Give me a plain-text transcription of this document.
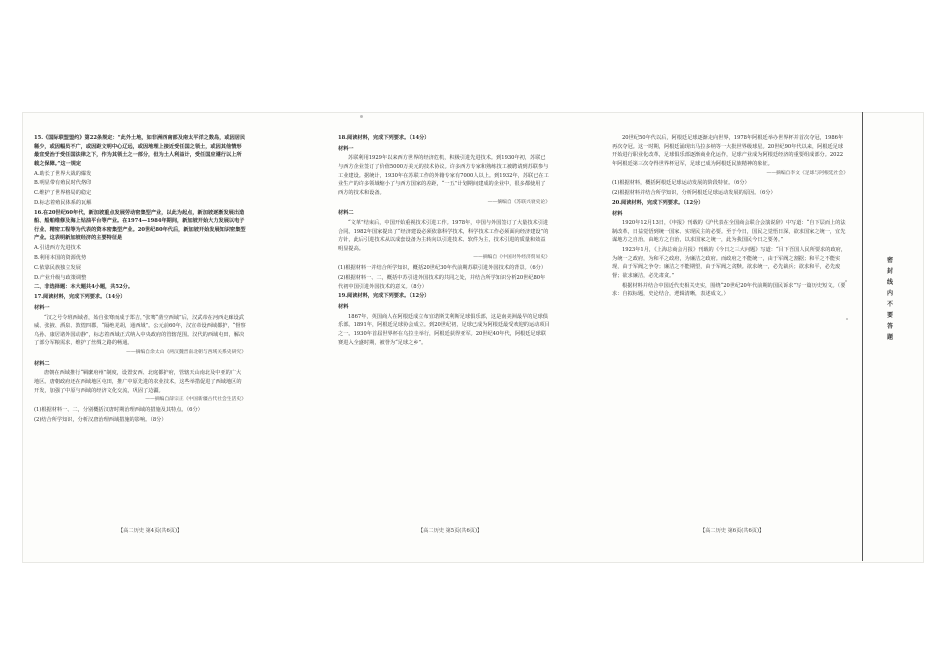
15.《国际联盟盟约》第22条规定：“此外土地，如非洲西南部及南太平洋之数岛，或因居民稀少，或因幅员不广，或因距文明中心辽远，或因地理上接近受任国之领土，或因其他情形最宜受治于受任国法律之下，作为其领土之一部分，但为土人利益计，受任国应遵行以上所载之保障。”这一规定

A.助长了世界大战的爆发

B.明显带有殖民时代烙印

C.维护了世界格局的稳定

D.标志着殖民体系的瓦解

16.在20世纪60年代，新加坡重点发展劳动密集型产业，以此为起点，新加坡逐渐发展出造船、船舶维修及海上钻油平台等产业。在1974—1984年期间，新加坡开始大力发展以电子行业、精密工程等为代表的资本密集型产业。20世纪80年代后，新加坡开始发展知识密集型产业。这表明新加坡经济的主要特征是

A.引进西方先进技术

B.利用本国的资源优势

C.依靠民族独立发展

D.产业升级与政策调整

二、非选择题：本大题共4小题，共52分。

17.阅读材料，完成下列要求。（14分）

材料一

“汉之号令班西域者，始自张骞而成于郑吉，”张骞“凿空西域”后，汉武帝在河西走廊设武威、张掖、酒泉、敦煌四郡，“隔绝羌胡，通西域”。公元前60年，汉宣帝设西域都护，“督察乌孙、康居诸外国动静”，标志着西域正式纳入中央政府的管辖范围。汉代的西域屯田，解决了部分军粮需求，维护了丝绸之路的畅通。

——摘编自余太山《两汉魏晋南北朝与西域关系史研究》

材料二

唐朝在西域推行“羁縻府州”制度，设置安西、北庭都护府，管辖天山南北及中亚的广大地区。唐朝政府还在西域地区屯田，推广中原先进的农业技术，这些举措促进了西域地区的开发，加强了中原与西域的经济文化交流，巩固了边疆。

——摘编自薛宗正《中国新疆古代社会生活史》

(1)根据材料一、二，分别概括汉唐时期治理西域的措施及其特点。（6分）

(2)结合所学知识，分析汉唐治理西域措施的影响。（8分）

【高二历史 第4页(共6页)】

18.阅读材料，完成下列要求。（14分）

材料一

苏联利用1929年以来西方世界的经济危机，积极引进先进技术。到1930年初，苏联已与西方企业签订了价值5000万美元的技术协议。许多西方专家和熟练技工被聘请到苏联参与工业建设。据统计，1930年在苏联工作的外籍专家有7000人以上。到1932年，苏联已在工业生产的许多领域缩小了与西方国家的差距，“一五”计划期间建成的企业中，很多都使用了西方的技术和设备。

——摘编自《苏联兴衰史论》

材料二

“文革”结束后，中国开始重视技术引进工作。1978年，中国与外国签订了大量技术引进合同。1982年国家提出了“经济建设必须依靠科学技术，科学技术工作必须面向经济建设”的方针，此后引进技术从以成套设备为主转向以引进技术、软件为主，技术引进的质量和效益明显提高。

——摘编自《中国对外经济贸易史》

(1)根据材料一并结合所学知识，概括20世纪30年代前期苏联引进外国技术的背景。（6分）

(2)根据材料一、二，概括中苏引进外国技术的共同之处，并结合所学知识分析20世纪80年代初中国引进外国技术的意义。（8分）

19.阅读材料，完成下列要求。（12分）

材料

1867年，英国商人在阿根廷成立布宜诺斯艾利斯足球俱乐部，这是南美洲最早的足球俱乐部。1891年，阿根廷足球协会成立。到20世纪初，足球已成为阿根廷最受欢迎的运动项目之一。1930年首届世界杯在乌拉圭举行，阿根廷获得亚军。20世纪40年代，阿根廷足球联赛进入全盛时期，被誉为“足球之乡”。

【高二历史 第5页(共6页)】

20世纪50年代以后，阿根廷足球逐渐走向世界，1978年阿根廷举办世界杯并首次夺冠，1986年再次夺冠。这一时期，阿根廷涌现出马拉多纳等一大批世界级球星。20世纪90年代以来，阿根廷足球开始进行职业化改革，足球俱乐部逐渐商业化运作，足球产业成为阿根廷经济的重要组成部分。2022年阿根廷第三次夺得世界杯冠军，足球已成为阿根廷民族精神的象征。

——摘编自李文《足球与阿根廷社会》

(1)根据材料，概括阿根廷足球运动发展的阶段特征。（6分）

(2)根据材料并结合所学知识，分析阿根廷足球运动发展的原因。（6分）

20.阅读材料，完成下列要求。（12分）

材料

1920年12月13日，《申报》刊载的《沪代表在全国商会联合会演说辞》中写道：“自下层而上的法制改革，日益觉悟到统一国家、实现民主的必要。至于今日，国民之觉悟日深，欲求国家之统一，宜先谋地方之自治，由地方之自治，以求国家之统一，此为我国民今日之要务。”

1923年1月，《上海总商会月报》刊载的《今日之三大问题》写道：“目下吾国人民所要求的政府，为统一之政府，为和平之政府，为廉洁之政府。而政府之不能统一，由于军阀之割据；和平之不能实现，由于军阀之争夺；廉洁之不能期望，由于军阀之贪黩。欲求统一，必先裁兵；欲求和平，必先废督；欲求廉洁，必先肃贪。”

根据材料并结合中国近代史相关史实，围绕“20世纪20年代前期的国民诉求”写一篇历史短文。（要求：自拟标题，史论结合，逻辑清晰，表述成文。）

【高二历史 第6页(共6页)】
密 封 线 内 不 要 答 题
